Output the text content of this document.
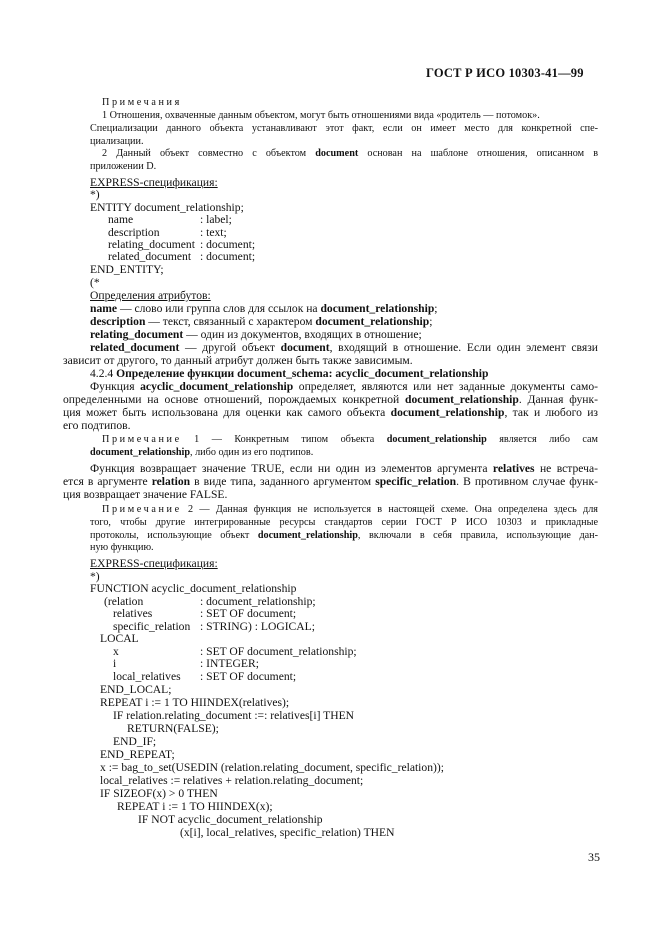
ГОСТ Р ИСО 10303-41—99
Примечания
1 Отношения, охваченные данным объектом, могут быть отношениями вида «родитель — потомок».
Специализации данного объекта устанавливают этот факт, если он имеет место для конкретной спе-
циализации.
2 Данный объект совместно с объектом document основан на шаблоне отношения, описанном в
приложении D.
EXPRESS-спецификация:
*)
ENTITY document_relationship;
name	: label;
description	: text;
relating_document : document;
related_document : document;
END_ENTITY;
(*
Определения атрибутов:
name — слово или группа слов для ссылок на document_relationship;
description — текст, связанный с характером document_relationship;
relating_document — один из документов, входящих в отношение;
related_document — другой объект document, входящий в отношение. Если один элемент связи
зависит от другого, то данный атрибут должен быть также зависимым.
4.2.4 Определение функции document_schema: acyclic_document_relationship
Функция acyclic_document_relationship определяет, являются или нет заданные документы само-
определенными на основе отношений, порождаемых конкретной document_relationship. Данная функ-
ция может быть использована для оценки как самого объекта document_relationship, так и любого из
его подтипов.
Примечание 1 — Конкретным типом объекта document_relationship является либо сам
document_relationship, либо один из его подтипов.
Функция возвращает значение TRUE, если ни один из элементов аргумента relatives не встреча-
ется в аргументе relation в виде типа, заданного аргументом specific_relation. В противном случае функ-
ция возвращает значение FALSE.
Примечание 2 — Данная функция не используется в настоящей схеме. Она определена здесь для
того, чтобы другие интегрированные ресурсы стандартов серии ГОСТ Р ИСО 10303 и прикладные
протоколы, использующие объект document_relationship, включали в себя правила, использующие дан-
ную функцию.
EXPRESS-спецификация:
*)
FUNCTION acyclic_document_relationship
(relation	: document_relationship;
relatives	: SET OF document;
specific_relation : STRING) : LOGICAL;
LOCAL
x	: SET OF document_relationship;
i	: INTEGER;
local_relatives : SET OF document;
END_LOCAL;
REPEAT i := 1 TO HIINDEX(relatives);
IF relation.relating_document :=: relatives[i] THEN
RETURN(FALSE);
END_IF;
END_REPEAT;
x := bag_to_set(USEDIN (relation.relating_document, specific_relation));
local_relatives := relatives + relation.relating_document;
IF SIZEOF(x) > 0 THEN
REPEAT i := 1 TO HIINDEX(x);
IF NOT acyclic_document_relationship
(x[i], local_relatives, specific_relation) THEN
35
